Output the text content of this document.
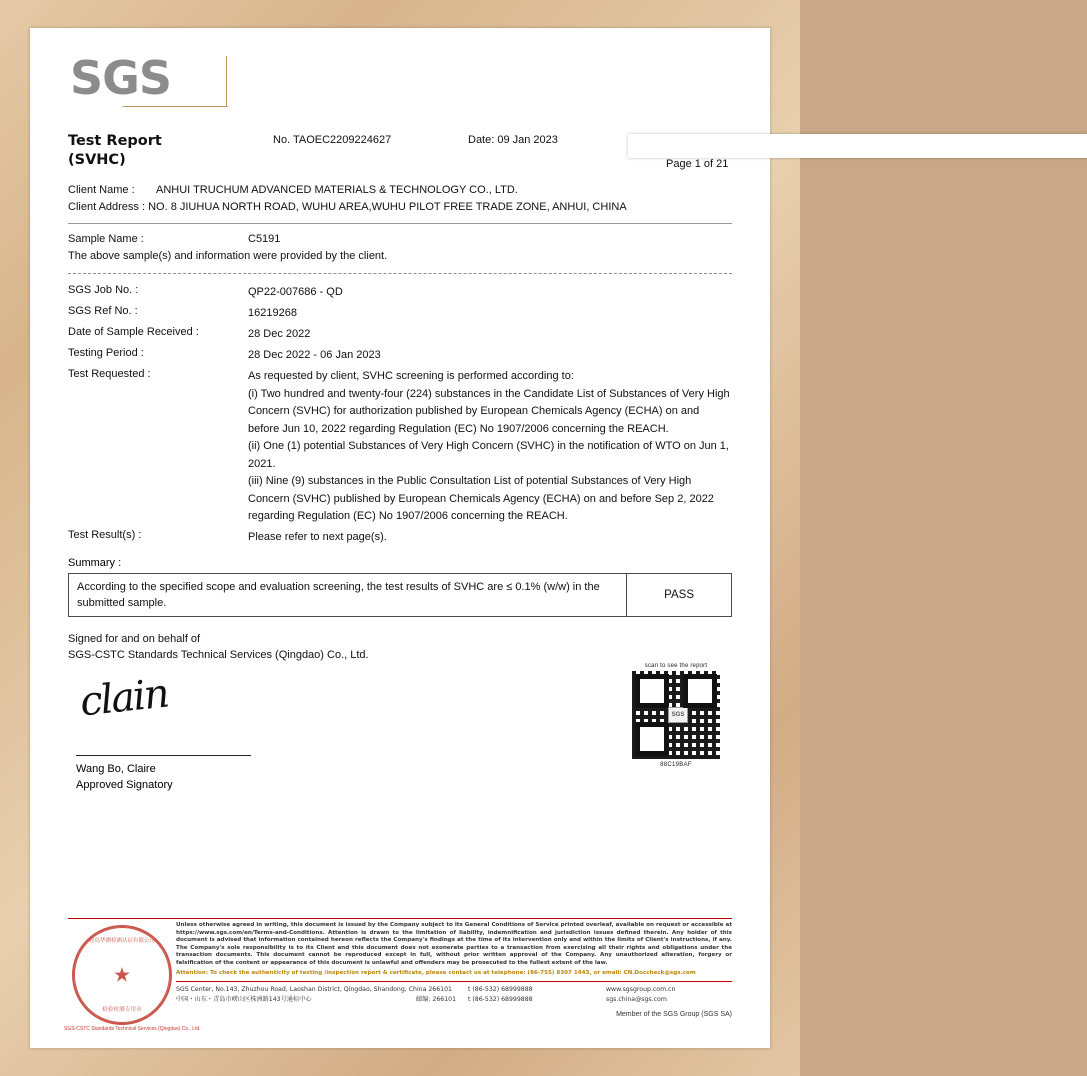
SGS
Test Report
(SVHC)
No. TAOEC2209224627	Date: 09 Jan 2023
Page 1 of 21
Client Name : ANHUI TRUCHUM ADVANCED MATERIALS & TECHNOLOGY CO., LTD.
Client Address : NO. 8 JIUHUA NORTH ROAD, WUHU AREA,WUHU PILOT FREE TRADE ZONE, ANHUI, CHINA
Sample Name :	C5191
The above sample(s) and information were provided by the client.
SGS Job No. :	QP22-007686 - QD
SGS Ref No. :	16219268
Date of Sample Received :	28 Dec 2022
Testing Period :	28 Dec 2022 - 06 Jan 2023
Test Requested :	As requested by client, SVHC screening is performed according to:

(i) Two hundred and twenty-four (224) substances in the Candidate List of Substances of Very High Concern (SVHC) for authorization published by European Chemicals Agency (ECHA) on and before Jun 10, 2022 regarding Regulation (EC) No 1907/2006 concerning the REACH.

(ii) One (1) potential Substances of Very High Concern (SVHC) in the notification of WTO on Jun 1, 2021.

(iii) Nine (9) substances in the Public Consultation List of potential Substances of Very High Concern (SVHC) published by European Chemicals Agency (ECHA) on and before Sep 2, 2022 regarding Regulation (EC) No 1907/2006 concerning the REACH.

Test Result(s) :	Please refer to next page(s).
Summary :
According to the specified scope and evaluation screening, the test results of SVHC are ≤ 0.1% (w/w) in the submitted sample.
PASS
Signed for and on behalf of
SGS-CSTC Standards Technical Services (Qingdao) Co., Ltd.
clain
Wang Bo, Claire
Approved Signatory
scan to see the report
SGS
88C19BAF
青岛华测检测认证有限公司
★
检验检测专用章
SGS-CSTC Standards Technical Services (Qingdao) Co., Ltd.
Unless otherwise agreed in writing, this document is issued by the Company subject to its General Conditions of Service printed overleaf, available on request or accessible at https://www.sgs.com/en/Terms-and-Conditions. Attention is drawn to the limitation of liability, indemnification and jurisdiction issues defined therein. Any holder of this document is advised that information contained hereon reflects the Company's findings at the time of its intervention only and within the limits of Client's instructions, if any. The Company's sole responsibility is to its Client and this document does not exonerate parties to a transaction from exercising all their rights and obligations under the transaction documents. This document cannot be reproduced except in full, without prior written approval of the Company. Any unauthorized alteration, forgery or falsification of the content or appearance of this document is unlawful and offenders may be prosecuted to the fullest extent of the law.
Attention: To check the authenticity of testing /inspection report & certificate, please contact us at telephone: (86-755) 8307 1443, or email: CN.Doccheck@sgs.com
SGS Center, No.143, Zhuzhou Road, Laoshan District, Qingdao, Shandong, China 266101	t (86-532) 68999888	www.sgsgroup.com.cn
中国・山东・青岛市崂山区株洲路143号通标中心	邮编: 266101 t (86-532) 68999888	sgs.china@sgs.com
Member of the SGS Group (SGS SA)
